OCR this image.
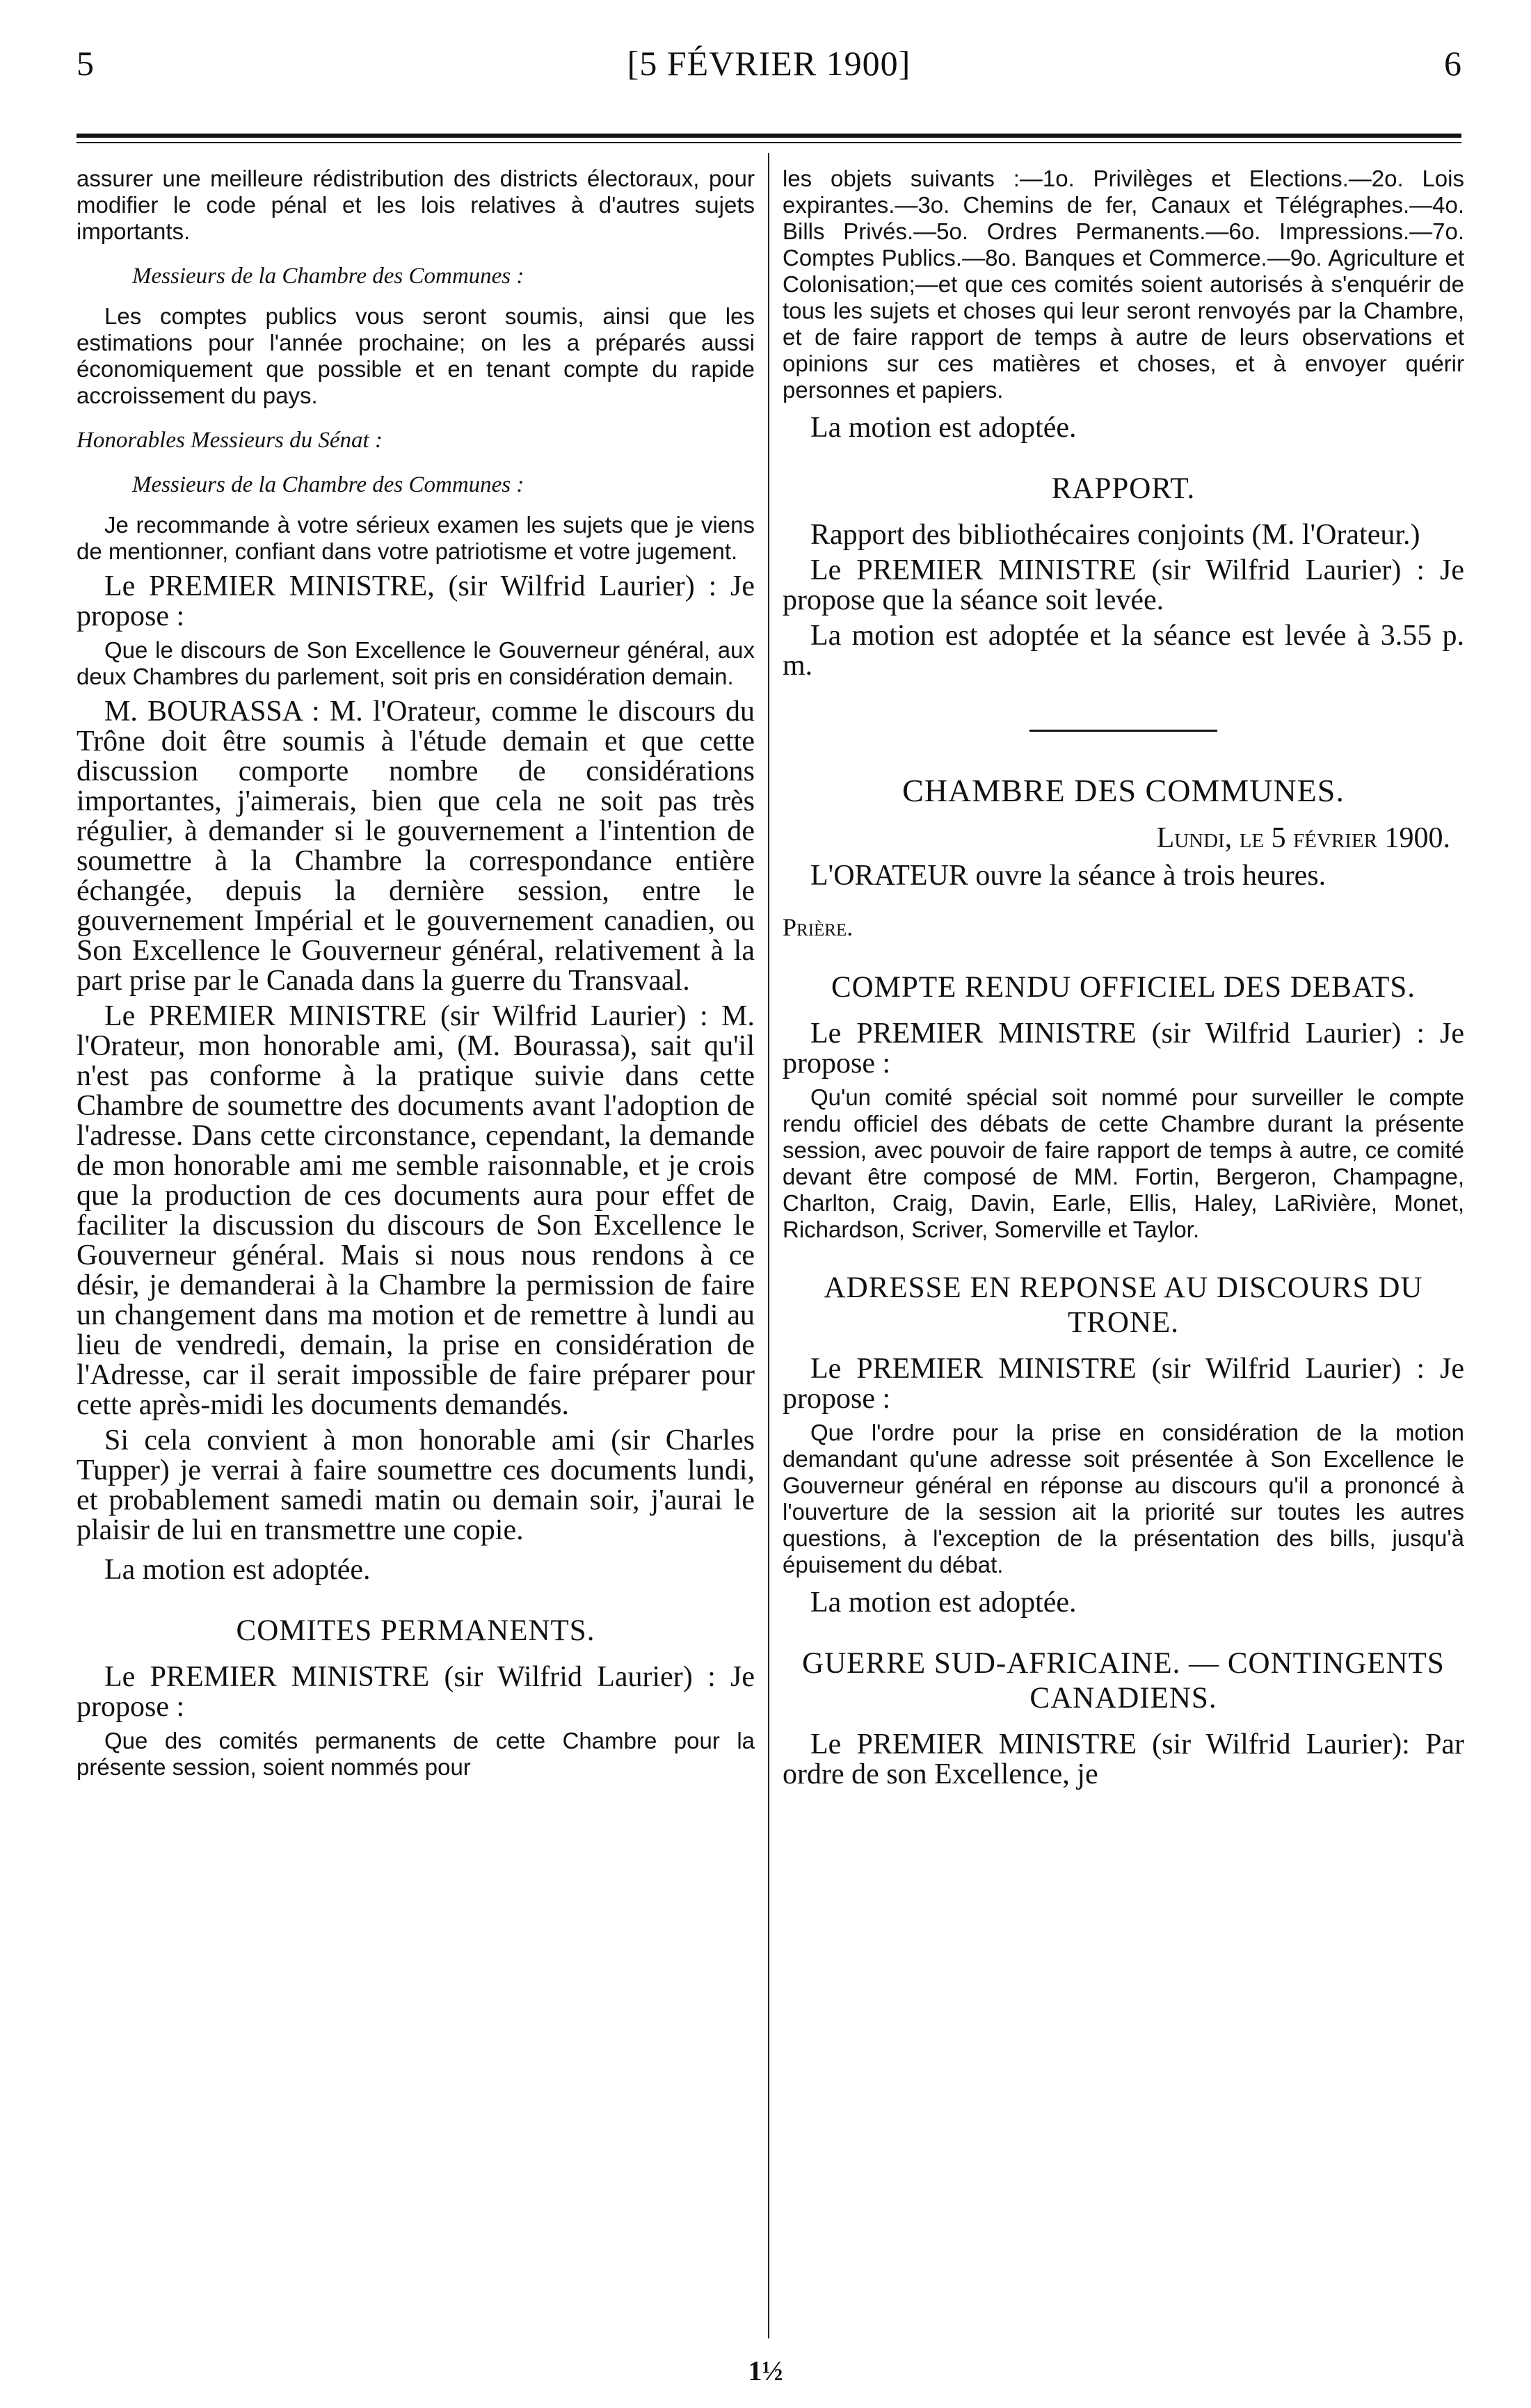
5	[5 FÉVRIER 1900]	6

assurer une meilleure rédistribution des districts électoraux, pour modifier le code pénal et les lois relatives à d'autres sujets importants.

Messieurs de la Chambre des Communes :

Les comptes publics vous seront soumis, ainsi que les estimations pour l'année prochaine; on les a préparés aussi économiquement que possible et en tenant compte du rapide accroissement du pays.

Honorables Messieurs du Sénat :

Messieurs de la Chambre des Communes :

Je recommande à votre sérieux examen les sujets que je viens de mentionner, confiant dans votre patriotisme et votre jugement.

Le PREMIER MINISTRE, (sir Wilfrid Laurier) : Je propose :

Que le discours de Son Excellence le Gouverneur général, aux deux Chambres du parlement, soit pris en considération demain.

M. BOURASSA : M. l'Orateur, comme le discours du Trône doit être soumis à l'étude demain et que cette discussion comporte nombre de considérations importantes, j'aimerais, bien que cela ne soit pas très régulier, à demander si le gouvernement a l'intention de soumettre à la Chambre la correspondance entière échangée, depuis la dernière session, entre le gouvernement Impérial et le gouvernement canadien, ou Son Excellence le Gouverneur général, relativement à la part prise par le Canada dans la guerre du Transvaal.

Le PREMIER MINISTRE (sir Wilfrid Laurier) : M. l'Orateur, mon honorable ami, (M. Bourassa), sait qu'il n'est pas conforme à la pratique suivie dans cette Chambre de soumettre des documents avant l'adoption de l'adresse. Dans cette circonstance, cependant, la demande de mon honorable ami me semble raisonnable, et je crois que la production de ces documents aura pour effet de faciliter la discussion du discours de Son Excellence le Gouverneur général. Mais si nous nous rendons à ce désir, je demanderai à la Chambre la permission de faire un changement dans ma motion et de remettre à lundi au lieu de vendredi, demain, la prise en considération de l'Adresse, car il serait impossible de faire préparer pour cette après-midi les documents demandés.

Si cela convient à mon honorable ami (sir Charles Tupper) je verrai à faire soumettre ces documents lundi, et probablement samedi matin ou demain soir, j'aurai le plaisir de lui en transmettre une copie.

La motion est adoptée.

COMITES PERMANENTS.

Le PREMIER MINISTRE (sir Wilfrid Laurier) : Je propose :

Que des comités permanents de cette Chambre pour la présente session, soient nommés pour

les objets suivants :—1o. Privilèges et Elections.—2o. Lois expirantes.—3o. Chemins de fer, Canaux et Télégraphes.—4o. Bills Privés.—5o. Ordres Permanents.—6o. Impressions.—7o. Comptes Publics.—8o. Banques et Commerce.—9o. Agriculture et Colonisation;—et que ces comités soient autorisés à s'enquérir de tous les sujets et choses qui leur seront renvoyés par la Chambre, et de faire rapport de temps à autre de leurs observations et opinions sur ces matières et choses, et à envoyer quérir personnes et papiers.

La motion est adoptée.

RAPPORT.

Rapport des bibliothécaires conjoints (M. l'Orateur.)

Le PREMIER MINISTRE (sir Wilfrid Laurier) : Je propose que la séance soit levée.

La motion est adoptée et la séance est levée à 3.55 p. m.

CHAMBRE DES COMMUNES.

Lundi, le 5 février 1900.

L'ORATEUR ouvre la séance à trois heures.

Prière.

COMPTE RENDU OFFICIEL DES DEBATS.

Le PREMIER MINISTRE (sir Wilfrid Laurier) : Je propose :

Qu'un comité spécial soit nommé pour surveiller le compte rendu officiel des débats de cette Chambre durant la présente session, avec pouvoir de faire rapport de temps à autre, ce comité devant être composé de MM. Fortin, Bergeron, Champagne, Charlton, Craig, Davin, Earle, Ellis, Haley, LaRivière, Monet, Richardson, Scriver, Somerville et Taylor.

ADRESSE EN REPONSE AU DISCOURS DU TRONE.

Le PREMIER MINISTRE (sir Wilfrid Laurier) : Je propose :

Que l'ordre pour la prise en considération de la motion demandant qu'une adresse soit présentée à Son Excellence le Gouverneur général en réponse au discours qu'il a prononcé à l'ouverture de la session ait la priorité sur toutes les autres questions, à l'exception de la présentation des bills, jusqu'à épuisement du débat.

La motion est adoptée.

GUERRE SUD-AFRICAINE. — CONTINGENTS CANADIENS.

Le PREMIER MINISTRE (sir Wilfrid Laurier): Par ordre de son Excellence, je

1½
